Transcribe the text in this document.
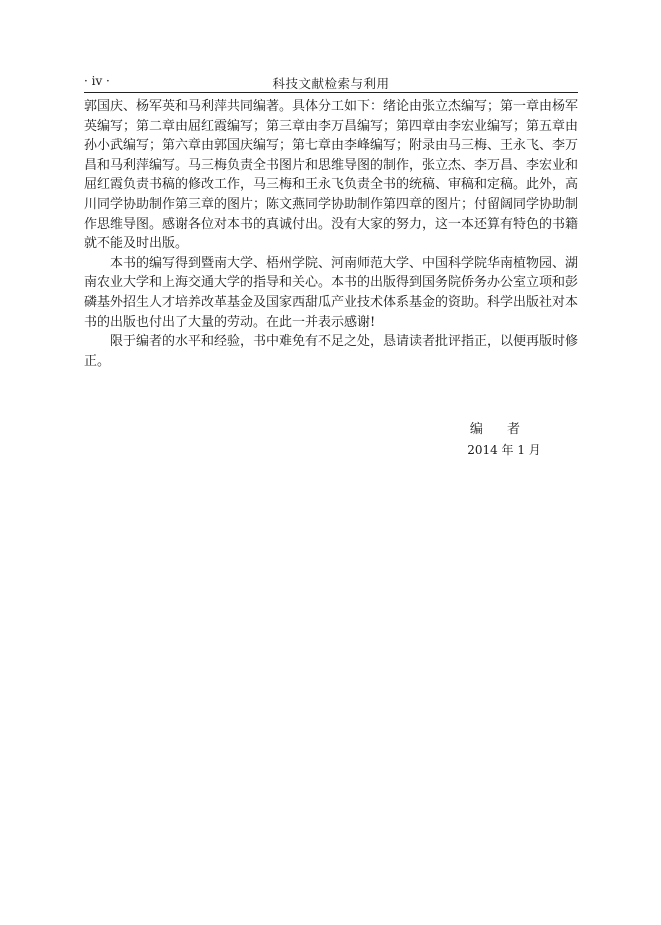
· iv ·	科技文献检索与利用

郭国庆、杨军英和马利萍共同编著。具体分工如下：绪论由张立杰编写；第一章由杨军英编写；第二章由屈红霞编写；第三章由李万昌编写；第四章由李宏业编写；第五章由孙小武编写；第六章由郭国庆编写；第七章由李峰编写；附录由马三梅、王永飞、李万昌和马利萍编写。马三梅负责全书图片和思维导图的制作，张立杰、李万昌、李宏业和屈红霞负责书稿的修改工作，马三梅和王永飞负责全书的统稿、审稿和定稿。此外，高川同学协助制作第三章的图片；陈文燕同学协助制作第四章的图片；付留阔同学协助制作思维导图。感谢各位对本书的真诚付出。没有大家的努力，这一本还算有特色的书籍就不能及时出版。

本书的编写得到暨南大学、梧州学院、河南师范大学、中国科学院华南植物园、湖南农业大学和上海交通大学的指导和关心。本书的出版得到国务院侨务办公室立项和彭磷基外招生人才培养改革基金及国家西甜瓜产业技术体系基金的资助。科学出版社对本书的出版也付出了大量的劳动。在此一并表示感谢!

限于编者的水平和经验，书中难免有不足之处，恳请读者批评指正，以便再版时修正。

编 者
2014 年 1 月
